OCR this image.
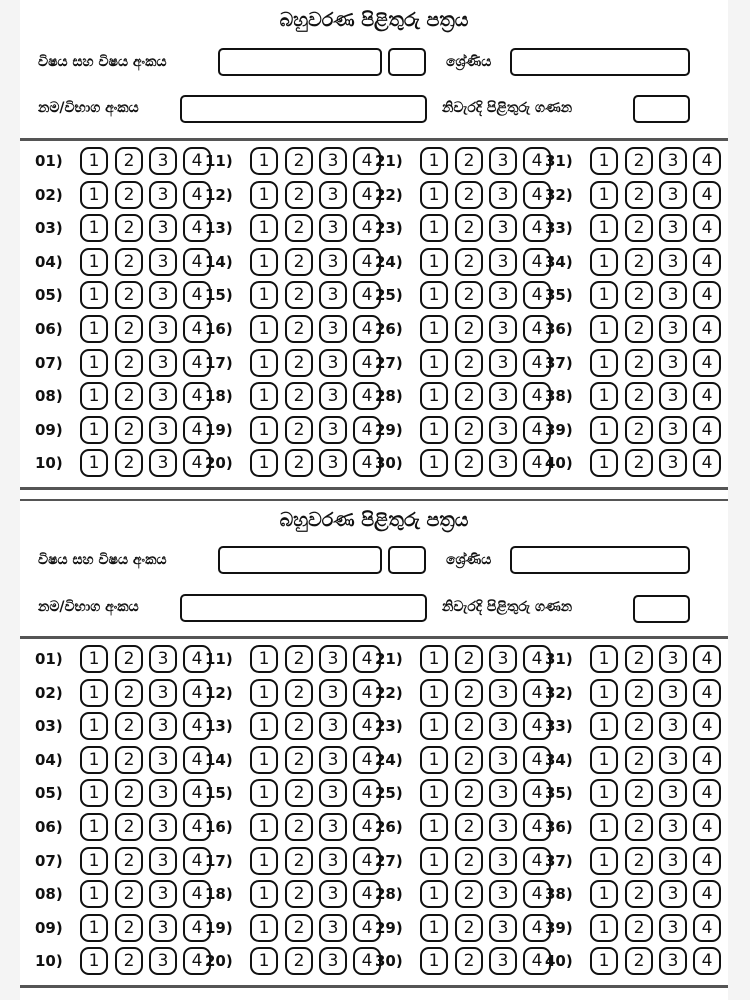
බහුවරණ පිළිතුරු පත්‍රය
විෂය සහ විෂය අංකය	ශ්‍රේණිය
නම/විභාග අංකය	නිවැරදි පිළිතුරු ගණන
01)	1	2	3	4
02)	1	2	3	4
03)	1	2	3	4
04)	1	2	3	4
05)	1	2	3	4
06)	1	2	3	4
07)	1	2	3	4
08)	1	2	3	4
09)	1	2	3	4
10)	1	2	3	4
11)	1	2	3	4
12)	1	2	3	4
13)	1	2	3	4
14)	1	2	3	4
15)	1	2	3	4
16)	1	2	3	4
17)	1	2	3	4
18)	1	2	3	4
19)	1	2	3	4
20)	1	2	3	4
21)	1	2	3	4
22)	1	2	3	4
23)	1	2	3	4
24)	1	2	3	4
25)	1	2	3	4
26)	1	2	3	4
27)	1	2	3	4
28)	1	2	3	4
29)	1	2	3	4
30)	1	2	3	4
31)	1	2	3	4
32)	1	2	3	4
33)	1	2	3	4
34)	1	2	3	4
35)	1	2	3	4
36)	1	2	3	4
37)	1	2	3	4
38)	1	2	3	4
39)	1	2	3	4
40)	1	2	3	4
බහුවරණ පිළිතුරු පත්‍රය
විෂය සහ විෂය අංකය	ශ්‍රේණිය
නම/විභාග අංකය	නිවැරදි පිළිතුරු ගණන
01)	1	2	3	4
02)	1	2	3	4
03)	1	2	3	4
04)	1	2	3	4
05)	1	2	3	4
06)	1	2	3	4
07)	1	2	3	4
08)	1	2	3	4
09)	1	2	3	4
10)	1	2	3	4
11)	1	2	3	4
12)	1	2	3	4
13)	1	2	3	4
14)	1	2	3	4
15)	1	2	3	4
16)	1	2	3	4
17)	1	2	3	4
18)	1	2	3	4
19)	1	2	3	4
20)	1	2	3	4
21)	1	2	3	4
22)	1	2	3	4
23)	1	2	3	4
24)	1	2	3	4
25)	1	2	3	4
26)	1	2	3	4
27)	1	2	3	4
28)	1	2	3	4
29)	1	2	3	4
30)	1	2	3	4
31)	1	2	3	4
32)	1	2	3	4
33)	1	2	3	4
34)	1	2	3	4
35)	1	2	3	4
36)	1	2	3	4
37)	1	2	3	4
38)	1	2	3	4
39)	1	2	3	4
40)	1	2	3	4
